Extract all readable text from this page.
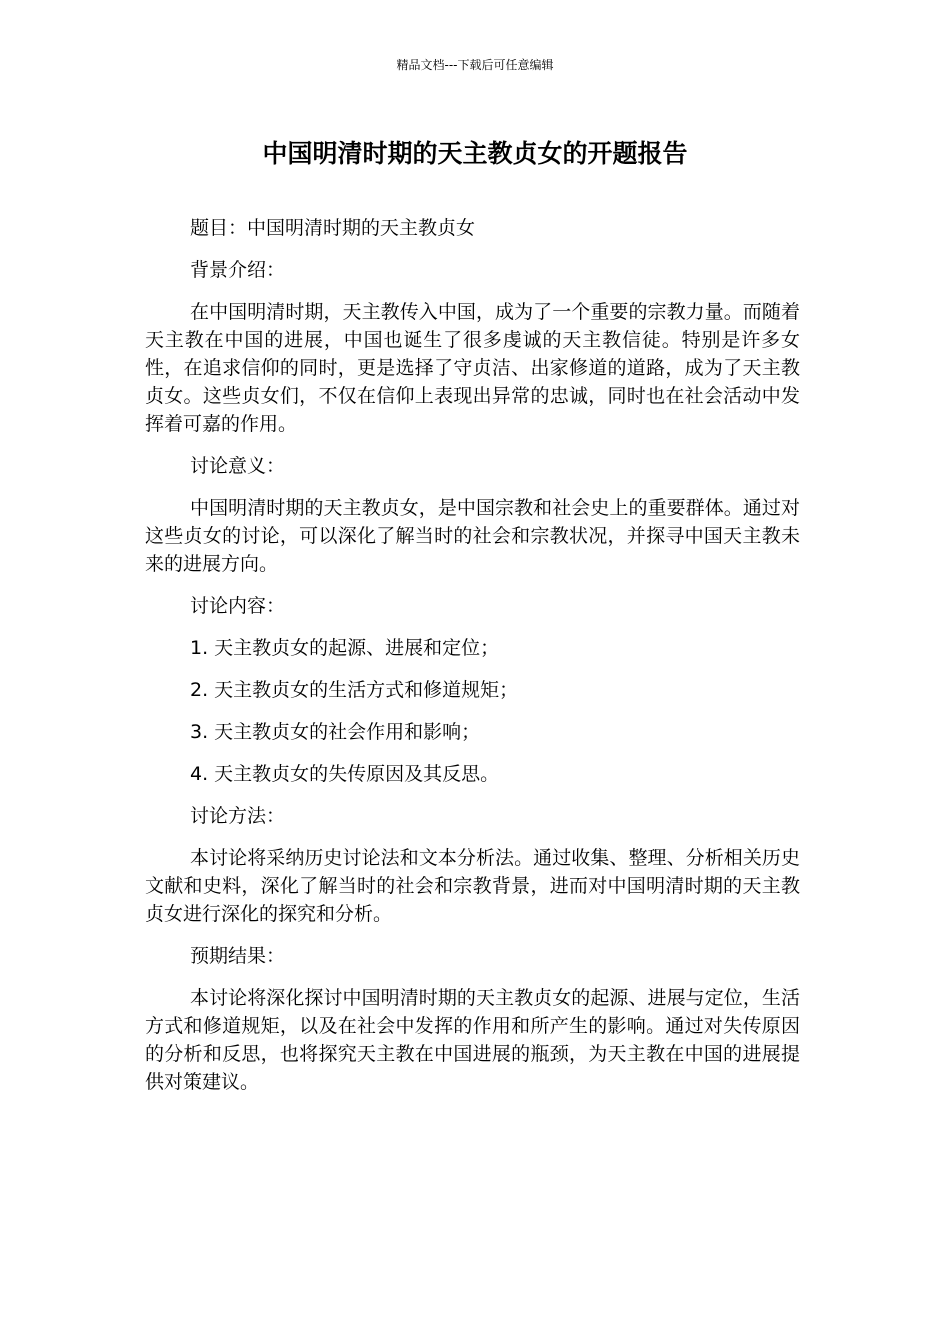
精品文档---下载后可任意编辑
中国明清时期的天主教贞女的开题报告

题目：中国明清时期的天主教贞女

背景介绍：

在中国明清时期，天主教传入中国，成为了一个重要的宗教力量。而随着天主教在中国的进展，中国也诞生了很多虔诚的天主教信徒。特别是许多女性，在追求信仰的同时，更是选择了守贞洁、出家修道的道路，成为了天主教贞女。这些贞女们，不仅在信仰上表现出异常的忠诚，同时也在社会活动中发挥着可嘉的作用。

讨论意义：

中国明清时期的天主教贞女，是中国宗教和社会史上的重要群体。通过对这些贞女的讨论，可以深化了解当时的社会和宗教状况，并探寻中国天主教未来的进展方向。

讨论内容：

1. 天主教贞女的起源、进展和定位；

2. 天主教贞女的生活方式和修道规矩；

3. 天主教贞女的社会作用和影响；

4. 天主教贞女的失传原因及其反思。

讨论方法：

本讨论将采纳历史讨论法和文本分析法。通过收集、整理、分析相关历史文献和史料，深化了解当时的社会和宗教背景，进而对中国明清时期的天主教贞女进行深化的探究和分析。

预期结果：

本讨论将深化探讨中国明清时期的天主教贞女的起源、进展与定位，生活方式和修道规矩，以及在社会中发挥的作用和所产生的影响。通过对失传原因的分析和反思，也将探究天主教在中国进展的瓶颈，为天主教在中国的进展提供对策建议。
